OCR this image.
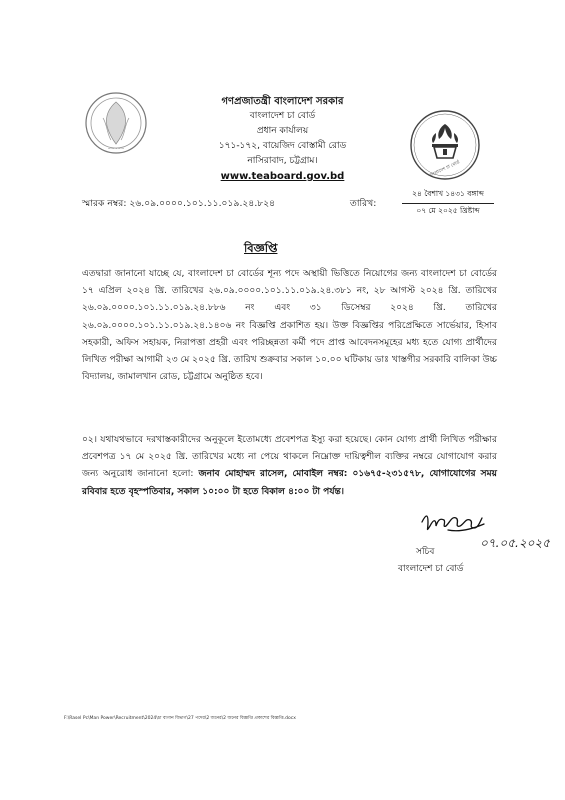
~~~~~
গণপ্রজাতন্ত্রী বাংলাদেশ সরকার
বাংলাদেশ চা বোর্ড
প্রধান কার্যালয়
১৭১-১৭২, বায়েজিদ বোস্তামী রোড
নাসিরাবাদ, চট্টগ্রাম।
www.teaboard.gov.bd	বাংলাদেশ চা বোর্ড
স্মারক নম্বর: ২৬.০৯.০০০০.১০১.১১.০১৯.২৪.৮২৪	তারিখ:
২৪ বৈশাখ ১৪৩১ বঙ্গাব্দ
০৭ মে ২০২৫ খ্রিষ্টাব্দ
বিজ্ঞপ্তি
এতদ্বারা জানানো যাচ্ছে যে, বাংলাদেশ চা বোর্ডের শূন্য পদে অস্থায়ী ভিত্তিতে নিয়োগের জন্য বাংলাদেশ চা বোর্ডের ১৭ এপ্রিল ২০২৪ খ্রি. তারিখের ২৬.০৯.০০০০.১০১.১১.০১৯.২৪.৩৮১ নং, ২৮ আগস্ট ২০২৪ খ্রি. তারিখের ২৬.০৯.০০০০.১০১.১১.০১৯.২৪.৮৮৬ নং এবং ৩১ ডিসেম্বর ২০২৪ খ্রি. তারিখের ২৬.০৯.০০০০.১০১.১১.০১৯.২৪.১৪০৬ নং বিজ্ঞপ্তি প্রকাশিত হয়। উক্ত বিজ্ঞপ্তির পরিপ্রেক্ষিতে সার্ভেয়ার, হিসাব সহকারী, অফিস সহায়ক, নিরাপত্তা প্রহরী এবং পরিচ্ছন্নতা কর্মী পদে প্রাপ্ত আবেদনসমূহের মধ্য হতে যোগ্য প্রার্থীদের লিখিত পরীক্ষা আগামী ২৩ মে ২০২৫ খ্রি. তারিখ শুক্রবার সকাল ১০.০০ ঘটিকায় ডাঃ খাস্তগীর সরকারি বালিকা উচ্চ বিদ্যালয়, জামালখান রোড, চট্টগ্রামে অনুষ্ঠিত হবে।
০২। যথাযথভাবে দরখাস্তকারীদের অনুকূলে ইতোমধ্যে প্রবেশপত্র ইস্যু করা হয়েছে। কোন যোগ্য প্রার্থী লিখিত পরীক্ষার প্রবেশপত্র ১৭ মে ২০২৫ খ্রি. তারিখের মধ্যে না পেয়ে থাকলে নিম্নোক্ত দায়িত্বশীল ব্যক্তির নম্বরে যোগাযোগ করার জন্য অনুরোধ জানানো হলো: জনাব মোহাম্মদ রাসেল, মোবাইল নম্বর: ০১৬৭৫-২৩১৫৭৮, যোগাযোগের সময় রবিবার হতে বৃহস্পতিবার, সকাল ১০:০০ টা হতে বিকাল ৪:০০ টা পর্যন্ত।
০৭.০৫.২০২৫
সচিব
বাংলাদেশ চা বোর্ড
F:\Rasel Pc\Man Power\Recruitment\2024\চা বাগান বিভাগ\27 পদের\2 জনের\2 জনের বিজ্ঞপ্তি প্রকাশের বিজ্ঞপ্তি.docx
